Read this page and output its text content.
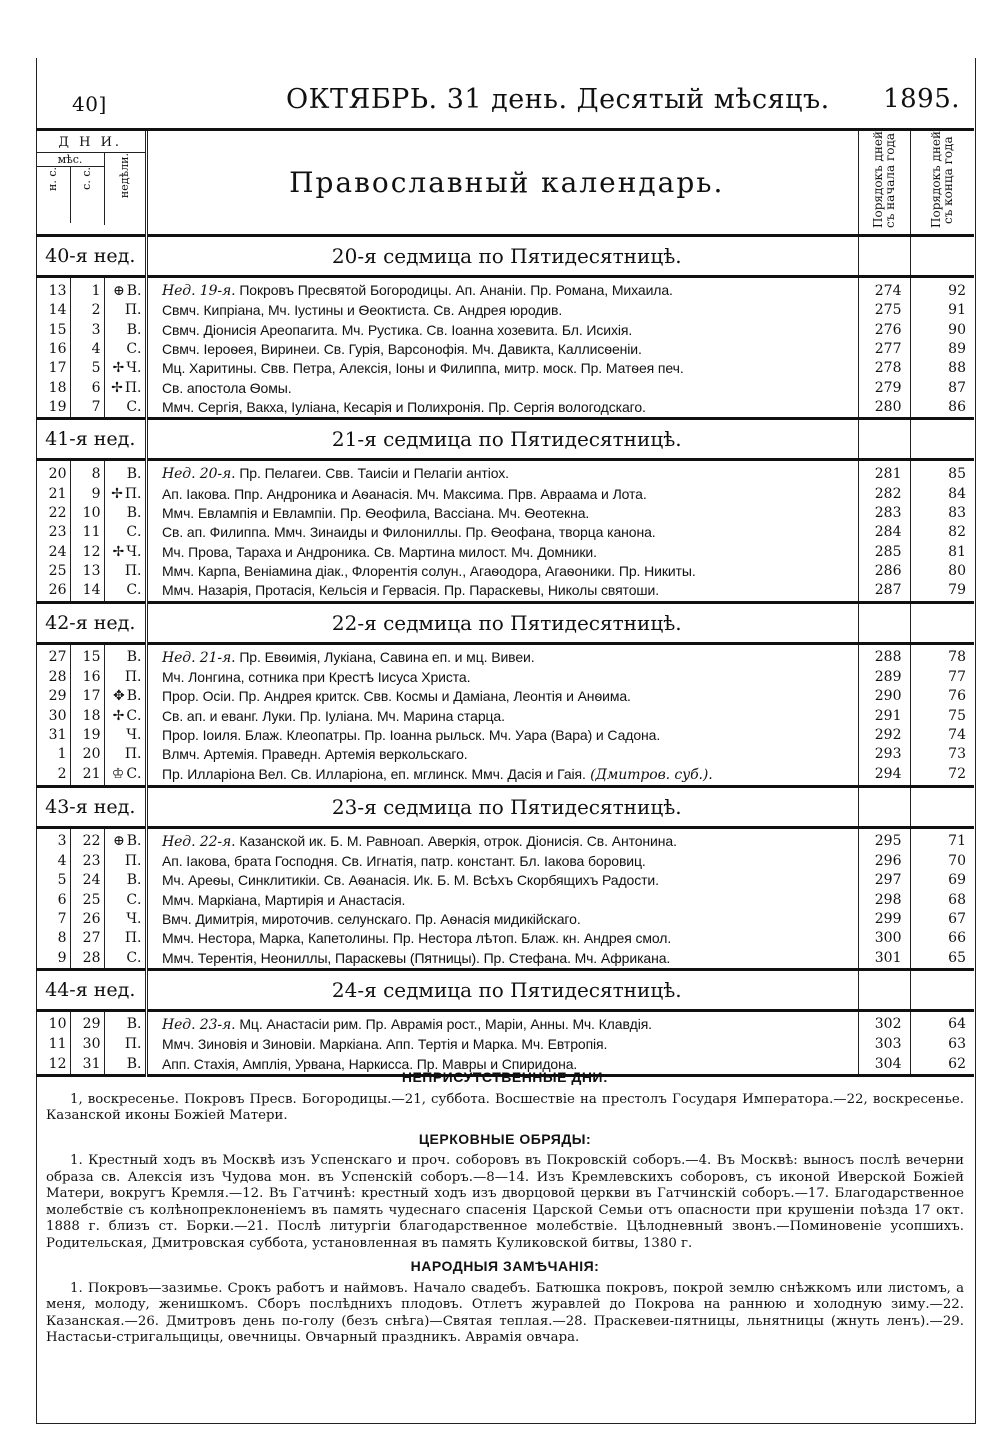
40]	ОКТЯБРЬ. 31 день. Десятый мѣсяцъ. 1895.
Д Н И.
мѣс.
н. с. с. с. недѣли.				Православный календарь.	Порядокъ дней съ начала года	Порядокъ дней съ конца года
40-я нед.				20-я седмица по Пятидесятницѣ.		
13	1	⊕ В.		Нед. 19-я. Покровъ Пресвятой Богородицы. Ап. Ананіи. Пр. Романа, Михаила.	274	92
14	2	П.		Свмч. Кипріана, Мч. Іустины и Ѳеоктиста. Св. Андрея юродив.	275	91
15	3	В.		Свмч. Діонисія Ареопагита. Мч. Рустика. Св. Іоанна хозевита. Бл. Исихія.	276	90
16	4	С.		Свмч. Іероѳея, Виринеи. Св. Гурія, Варсонофія. Мч. Давикта, Каллисѳеніи.	277	89
17	5	✢ Ч.		Мц. Харитины. Свв. Петра, Алексія, Іоны и Филиппа, митр. моск. Пр. Матѳея печ.	278	88
18	6	✢ П.		Св. апостола Ѳомы.	279	87
19	7	С.		Ммч. Сергія, Вакха, Іуліана, Кесарія и Полихронія. Пр. Сергія вологодскаго.	280	86
41-я нед.				21-я седмица по Пятидесятницѣ.		
20	8	В.		Нед. 20-я. Пр. Пелагеи. Свв. Таисіи и Пелагіи антіох.	281	85
21	9	✢ П.		Ап. Іакова. Ппр. Андроника и Аѳанасія. Мч. Максима. Прв. Авраама и Лота.	282	84
22	10	В.		Ммч. Евлампія и Евлампіи. Пр. Ѳеофила, Вассіана. Мч. Ѳеотекна.	283	83
23	11	С.		Св. ап. Филиппа. Ммч. Зинаиды и Филониллы. Пр. Ѳеофана, творца канона.	284	82
24	12	✢ Ч.		Мч. Прова, Тараха и Андроника. Св. Мартина милост. Мч. Домники.	285	81
25	13	П.		Ммч. Карпа, Веніамина діак., Флорентія солун., Агаѳодора, Агаѳоники. Пр. Никиты.	286	80
26	14	С.		Ммч. Назарія, Протасія, Кельсія и Гервасія. Пр. Параскевы, Николы святоши.	287	79
42-я нед.				22-я седмица по Пятидесятницѣ.		
27	15	В.		Нед. 21-я. Пр. Евѳимія, Лукіана, Савина еп. и мц. Вивеи.	288	78
28	16	П.		Мч. Лонгина, сотника при Крестѣ Іисуса Христа.	289	77
29	17	✥ В.		Прор. Осіи. Пр. Андрея критск. Свв. Космы и Даміана, Леонтія и Анѳима.	290	76
30	18	✢ С.		Св. ап. и еванг. Луки. Пр. Іуліана. Мч. Марина старца.	291	75
31	19	Ч.		Прор. Іоиля. Блаж. Клеопатры. Пр. Іоанна рыльск. Мч. Уара (Вара) и Садона.	292	74
1	20	П.		Влмч. Артемія. Праведн. Артемія веркольскаго.	293	73
2	21	♔ С.		Пр. Илларіона Вел. Св. Илларіона, еп. мглинск. Ммч. Дасія и Гаія. (Дмитров. суб.).	294	72
43-я нед.				23-я седмица по Пятидесятницѣ.		
3	22	⊕ В.		Нед. 22-я. Казанской ик. Б. М. Равноап. Аверкія, отрок. Діонисія. Св. Антонина.	295	71
4	23	П.		Ап. Іакова, брата Господня. Св. Игнатія, патр. констант. Бл. Іакова боровиц.	296	70
5	24	В.		Мч. Ареѳы, Синклитикіи. Св. Аѳанасія. Ик. Б. М. Всѣхъ Скорбящихъ Радости.	297	69
6	25	С.		Ммч. Маркіана, Мартирія и Анастасія.	298	68
7	26	Ч.		Вмч. Димитрія, мироточив. селунскаго. Пр. Аѳнасія мидикійскаго.	299	67
8	27	П.		Ммч. Нестора, Марка, Капетолины. Пр. Нестора лѣтоп. Блаж. кн. Андрея смол.	300	66
9	28	С.		Ммч. Терентія, Неониллы, Параскевы (Пятницы). Пр. Стефана. Мч. Африкана.	301	65
44-я нед.				24-я седмица по Пятидесятницѣ.		
10	29	В.		Нед. 23-я. Мц. Анастасіи рим. Пр. Аврамія рост., Маріи, Анны. Мч. Клавдія.	302	64
11	30	П.		Ммч. Зиновія и Зиновіи. Маркіана. Апп. Тертія и Марка. Мч. Евтропія.	303	63
12	31	В.		Апп. Стахія, Амплія, Урвана, Наркисса. Пр. Мавры и Спиридона.	304	62
НЕПРИСУТСТВЕННЫЕ ДНИ:

1, воскресенье. Покровъ Пресв. Богородицы.—21, суббота. Восшествіе на престолъ Государя Императора.—22, воскресенье. Казанской иконы Божіей Матери.

ЦЕРКОВНЫЕ ОБРЯДЫ:

1. Крестный ходъ въ Москвѣ изъ Успенскаго и проч. соборовъ въ Покровскій соборъ.—4. Въ Москвѣ: выносъ послѣ вечерни образа св. Алексія изъ Чудова мон. въ Успенскій соборъ.—8—14. Изъ Кремлевскихъ соборовъ, съ иконой Иверской Божіей Матери, вокругъ Кремля.—12. Въ Гатчинѣ: крестный ходъ изъ дворцовой церкви въ Гатчинскій соборъ.—17. Благодарственное молебствіе съ колѣнопреклоненіемъ въ память чудеснаго спасенія Царской Семьи отъ опасности при крушеніи поѣзда 17 окт. 1888 г. близъ ст. Борки.—21. Послѣ литургіи благодарственное молебствіе. Цѣлодневный звонъ.—Поминовеніе усопшихъ. Родительская, Дмитровская суббота, установленная въ память Куликовской битвы, 1380 г.

НАРОДНЫЯ ЗАМѢЧАНІЯ:

1. Покровъ—зазимье. Срокъ работъ и наймовъ. Начало свадебъ. Батюшка покровъ, покрой землю снѣжкомъ или листомъ, а меня, молоду, женишкомъ. Сборъ послѣднихъ плодовъ. Отлетъ журавлей до Покрова на раннюю и холодную зиму.—22. Казанская.—26. Дмитровъ день по-голу (безъ снѣга)—Святая теплая.—28. Праскевеи-пятницы, льнятницы (жнуть ленъ).—29. Настасьи-стригальщицы, овечницы. Овчарный праздникъ. Аврамія овчара.
